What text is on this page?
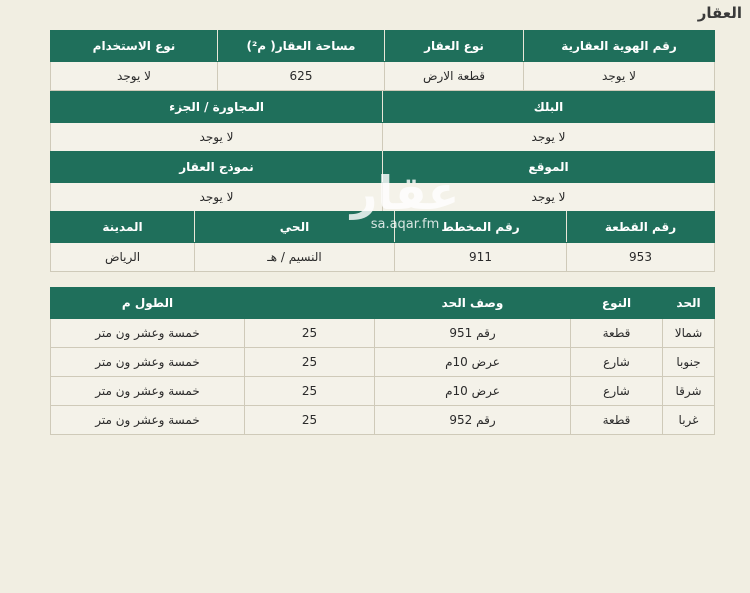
العقار
رقم الهوية العقارية	نوع العقار	مساحة العقار( م²)	نوع الاستخدام
لا يوجد	قطعة الارض	625	لا يوجد
البلك	المجاورة / الجزء
لا يوجد	لا يوجد
الموقع	نموذج العقار
لا يوجد	لا يوجد
رقم القطعة	رقم المخطط	الحي	المدينة
953	911	النسيم / هـ	الرياض
الحد	النوع	وصف الحد		الطول م
شمالا	قطعة	رقم 951	25	خمسة وعشر ون متر
جنوبا	شارع	عرض 10م	25	خمسة وعشر ون متر
شرقا	شارع	عرض 10م	25	خمسة وعشر ون متر
غربا	قطعة	رقم 952	25	خمسة وعشر ون متر
عقار
sa.aqar.fm
